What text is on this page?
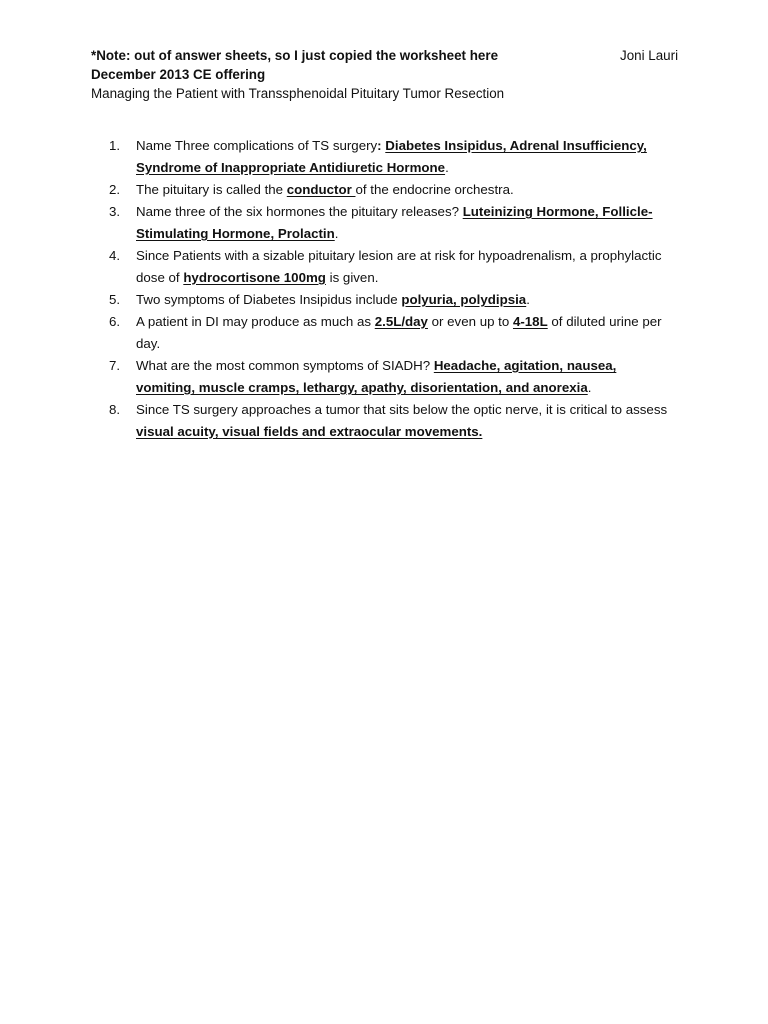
*Note: out of answer sheets, so I just copied the worksheet here
December 2013 CE offering
Managing the Patient with Transsphenoidal Pituitary Tumor Resection
Joni Lauri
1. Name Three complications of TS surgery: Diabetes Insipidus, Adrenal Insufficiency, Syndrome of Inappropriate Antidiuretic Hormone.
2. The pituitary is called the conductor of the endocrine orchestra.
3. Name three of the six hormones the pituitary releases? Luteinizing Hormone, Follicle-Stimulating Hormone, Prolactin.
4. Since Patients with a sizable pituitary lesion are at risk for hypoadrenalism, a prophylactic dose of hydrocortisone 100mg is given.
5. Two symptoms of Diabetes Insipidus include polyuria, polydipsia.
6. A patient in DI may produce as much as 2.5L/day or even up to 4-18L of diluted urine per day.
7. What are the most common symptoms of SIADH? Headache, agitation, nausea, vomiting, muscle cramps, lethargy, apathy, disorientation, and anorexia.
8. Since TS surgery approaches a tumor that sits below the optic nerve, it is critical to assess visual acuity, visual fields and extraocular movements.
